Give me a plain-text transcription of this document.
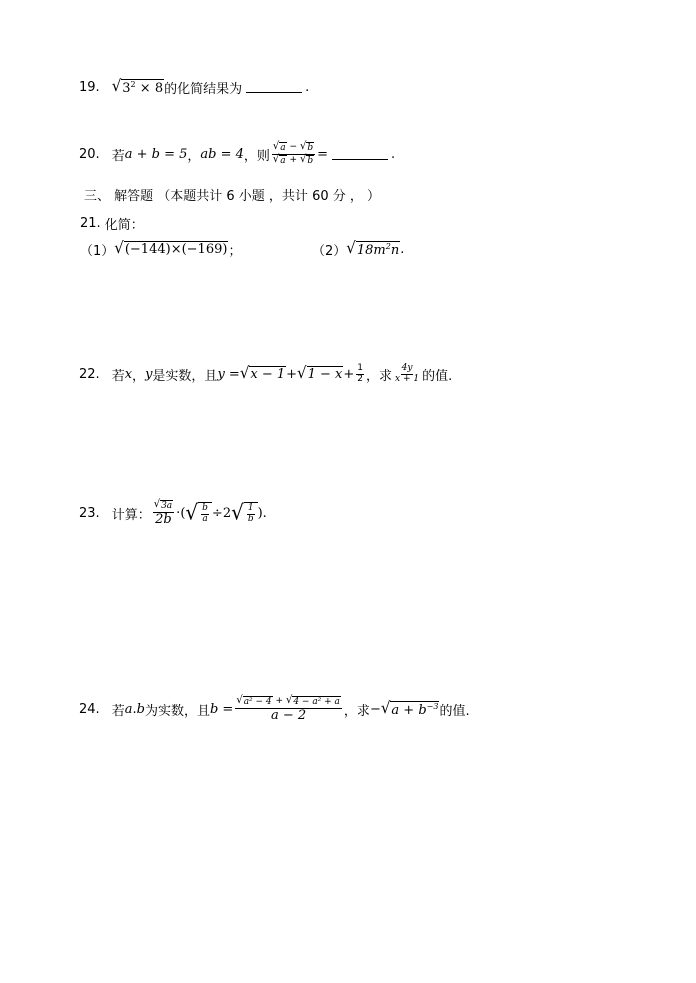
19. √ $3^2 \times 8$ 的化简结果为	.
20. 若 a + b = 5 ， ab = 4 ，则 $\frac{√ a - √ b}{√ a + √ b}$ =	.
三、 解答题 （本题共计 6 小题 ，共计 60 分 ， ）
21. 化简：
（1） √ (−144)×(−169) ；	（2） √ $18m^2n$ .
22. 若 x ， y 是实数，且 y = √ x − 1 + √ $1 - x + \frac{1}{2}$ ，求 $\frac{4y}{x + 1}$ 的值.
23. 计算： $\frac{√ 3a}{2b}$ · ( √ $\frac{b}{a} \div 2$ √ $\frac{1}{b}$ ).
24. 若 a . b 为实数，且 $b = \frac{\text{√ a² − 4 + √ 4 − a² + a}}{a - 2}$ ，求 − √ $a + b^{-3}$ 的值.
